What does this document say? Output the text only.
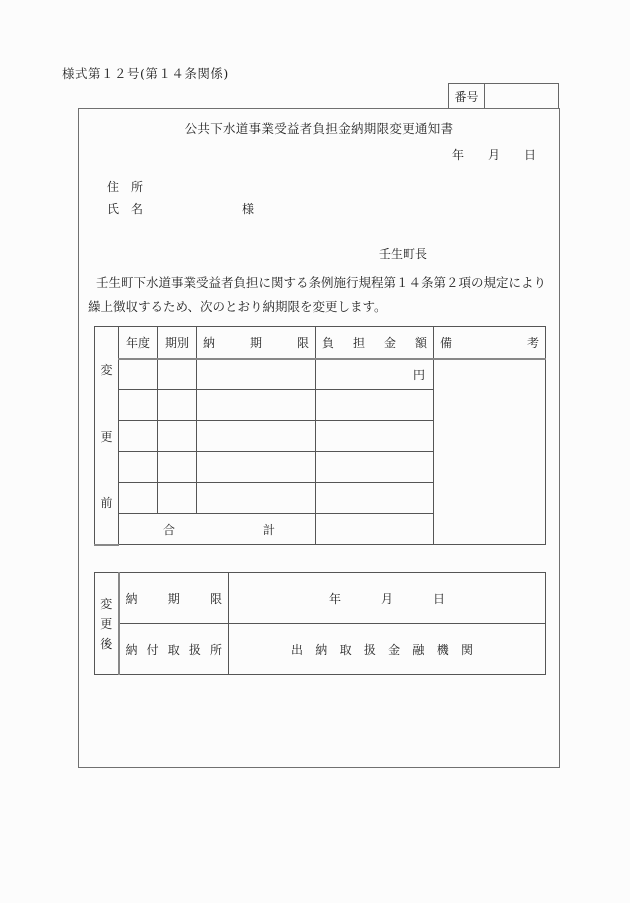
様式第１２号(第１４条関係)
番号
公共下水道事業受益者負担金納期限変更通知書
年 月 日
住　所
氏　名	様
壬生町長
壬生町下水道事業受益者負担に関する条例施行規程第１４条第２項の規定により
繰上徴収するため、次のとおり納期限を変更します。
変
更
前	年度	期別	納 期 限	負 担 金 額	備 考

				円	

	合 計				

変
更
後	納 期 限	年 月 日

納 付 取 扱 所	出 納 取 扱 金 融 機 関
